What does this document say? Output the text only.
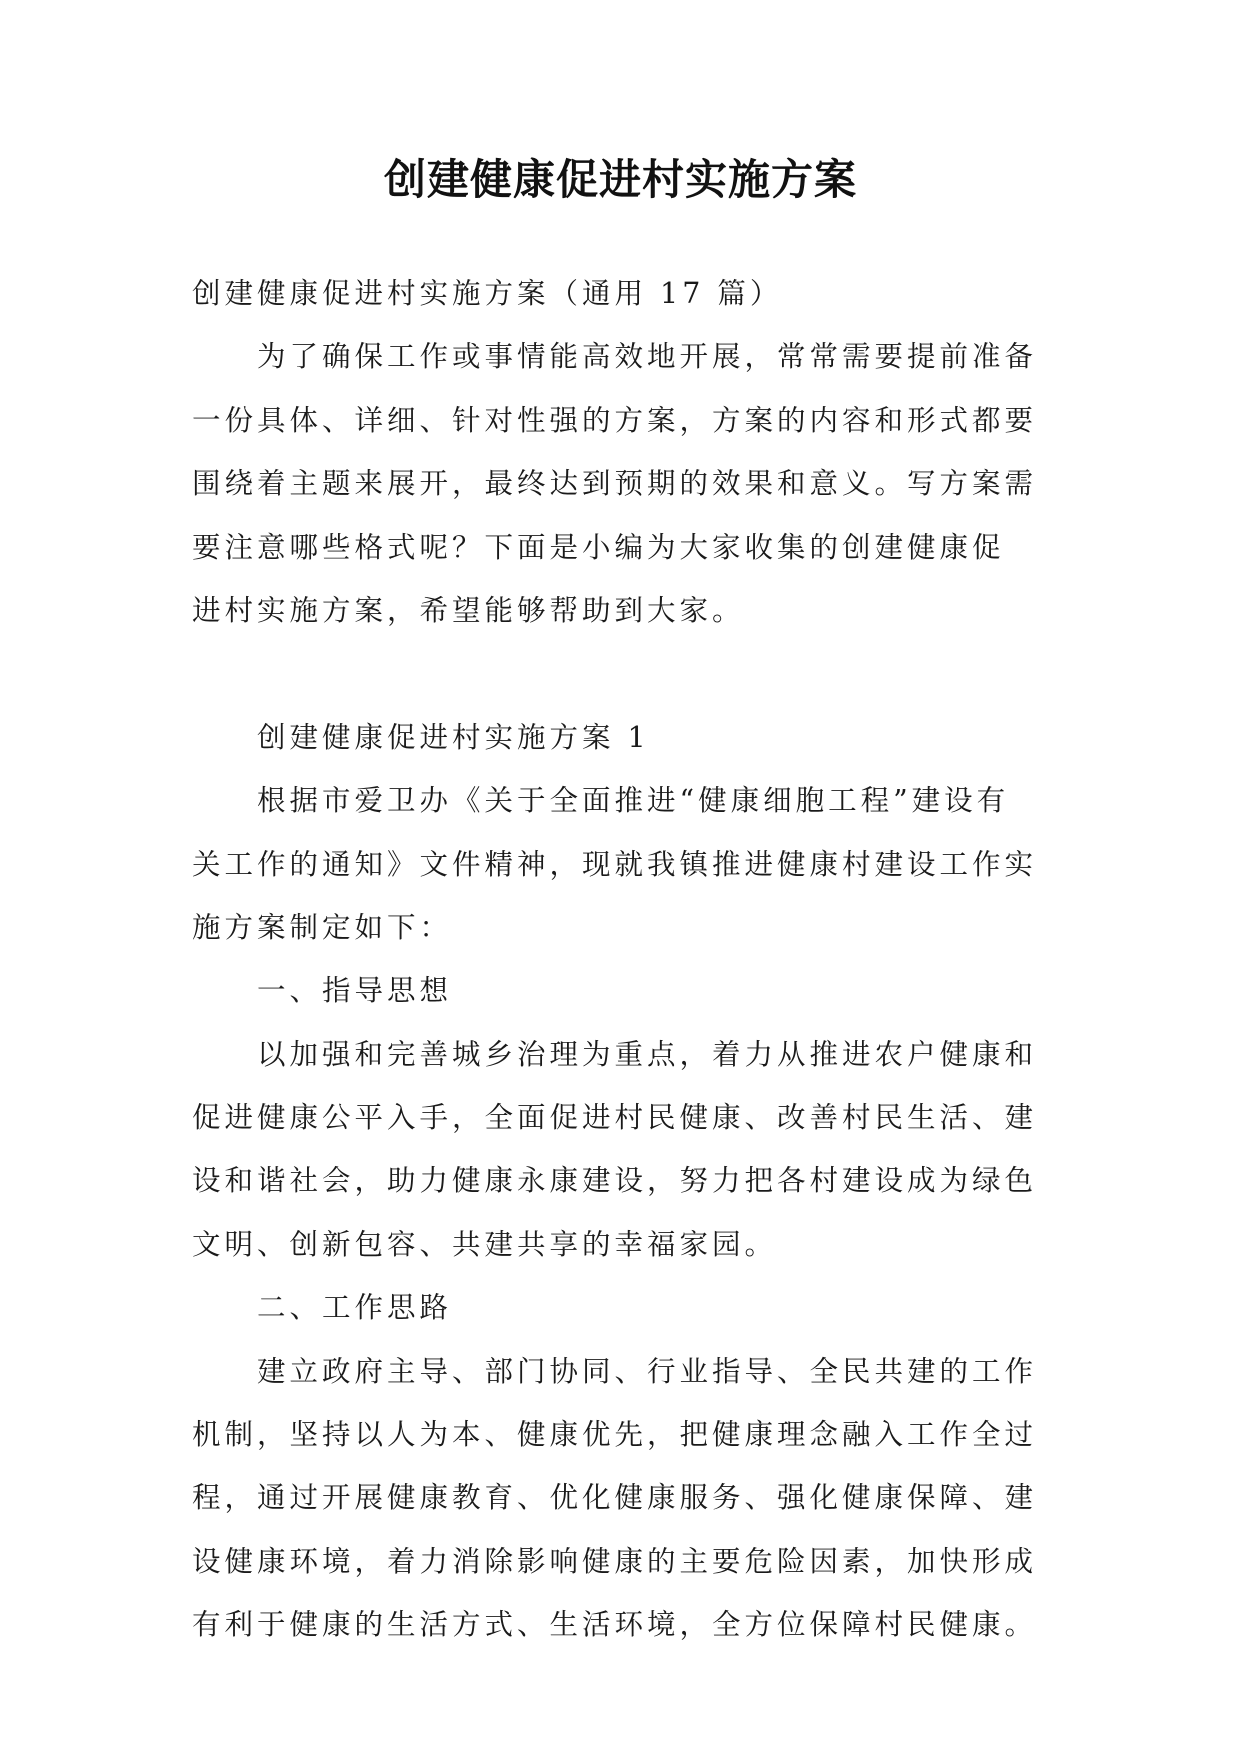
创建健康促进村实施方案
创建健康促进村实施方案（通用 17 篇）
为了确保工作或事情能高效地开展，常常需要提前准备
一份具体、详细、针对性强的方案，方案的内容和形式都要
围绕着主题来展开，最终达到预期的效果和意义。写方案需
要注意哪些格式呢？下面是小编为大家收集的创建健康促
进村实施方案，希望能够帮助到大家。
创建健康促进村实施方案 1
根据市爱卫办《关于全面推进“健康细胞工程”建设有
关工作的通知》文件精神，现就我镇推进健康村建设工作实
施方案制定如下：
一、指导思想
以加强和完善城乡治理为重点，着力从推进农户健康和
促进健康公平入手，全面促进村民健康、改善村民生活、建
设和谐社会，助力健康永康建设，努力把各村建设成为绿色
文明、创新包容、共建共享的幸福家园。
二、工作思路
建立政府主导、部门协同、行业指导、全民共建的工作
机制，坚持以人为本、健康优先，把健康理念融入工作全过
程，通过开展健康教育、优化健康服务、强化健康保障、建
设健康环境，着力消除影响健康的主要危险因素，加快形成
有利于健康的生活方式、生活环境，全方位保障村民健康。
